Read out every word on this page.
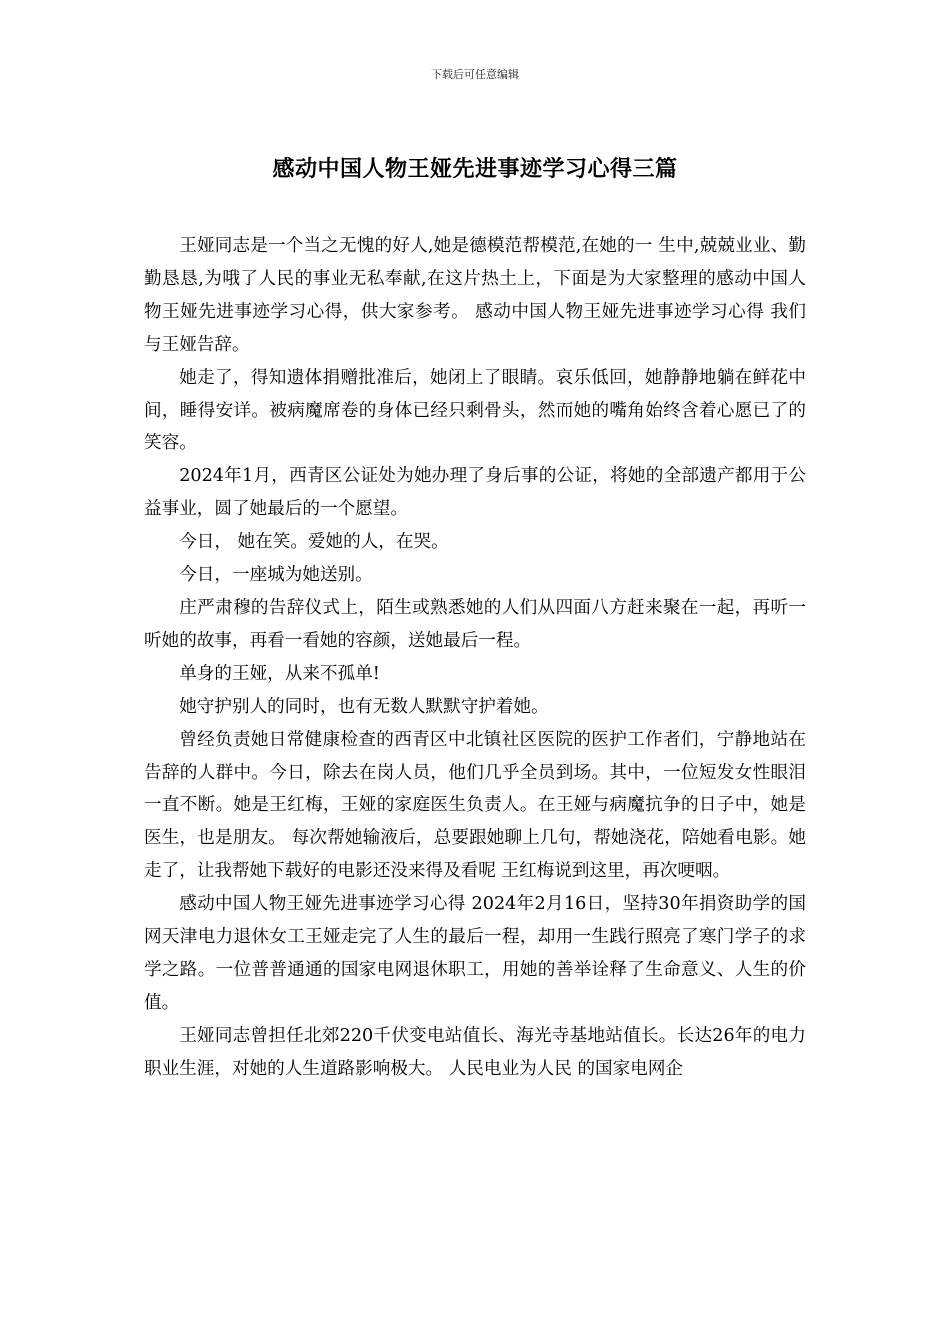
下载后可任意编辑
感动中国人物王娅先进事迹学习心得三篇

王娅同志是一个当之无愧的好人,她是德模范帮模范,在她的一 生中,兢兢业业、勤勤恳恳,为哦了人民的事业无私奉献,在这片热土上，下面是为大家整理的感动中国人物王娅先进事迹学习心得，供大家参考。 感动中国人物王娅先进事迹学习心得 我们与王娅告辞。

她走了，得知遗体捐赠批准后，她闭上了眼睛。哀乐低回，她静静地躺在鲜花中间，睡得安详。被病魔席卷的身体已经只剩骨头，然而她的嘴角始终含着心愿已了的笑容。

2024年1月，西青区公证处为她办理了身后事的公证，将她的全部遗产都用于公益事业，圆了她最后的一个愿望。

今日， 她在笑。爱她的人，在哭。

今日，一座城为她送别。

庄严肃穆的告辞仪式上，陌生或熟悉她的人们从四面八方赶来聚在一起，再听一听她的故事，再看一看她的容颜，送她最后一程。

单身的王娅，从来不孤单!

她守护别人的同时，也有无数人默默守护着她。

曾经负责她日常健康检查的西青区中北镇社区医院的医护工作者们，宁静地站在告辞的人群中。今日，除去在岗人员，他们几乎全员到场。其中，一位短发女性眼泪一直不断。她是王红梅，王娅的家庭医生负责人。在王娅与病魔抗争的日子中，她是医生，也是朋友。 每次帮她输液后，总要跟她聊上几句，帮她浇花，陪她看电影。她走了，让我帮她下载好的电影还没来得及看呢 王红梅说到这里，再次哽咽。

感动中国人物王娅先进事迹学习心得 2024年2月16日，坚持30年捐资助学的国网天津电力退休女工王娅走完了人生的最后一程，却用一生践行照亮了寒门学子的求学之路。一位普普通通的国家电网退休职工，用她的善举诠释了生命意义、人生的价值。

王娅同志曾担任北郊220千伏变电站值长、海光寺基地站值长。长达26年的电力职业生涯，对她的人生道路影响极大。 人民电业为人民 的国家电网企
